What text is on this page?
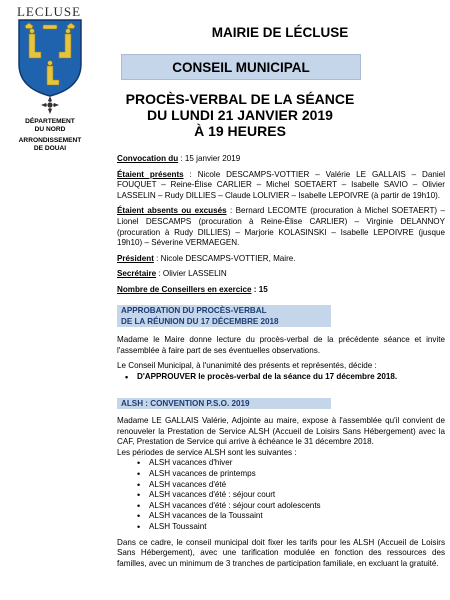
LECLUSE
DÉPARTEMENT
DU NORD
ARRONDISSEMENT
DE DOUAI
MAIRIE DE LÉCLUSE
CONSEIL MUNICIPAL
PROCÈS-VERBAL DE LA SÉANCE
DU LUNDI 21 JANVIER 2019
À 19 HEURES
Convocation du : 15 janvier 2019
Étaient présents : Nicole DESCAMPS-VOTTIER – Valérie LE GALLAIS – Daniel FOUQUET – Reine-Élise CARLIER – Michel SOETAERT – Isabelle SAVIO – Olivier LASSELIN – Rudy DILLIES – Claude LOLIVIER – Isabelle LEPOIVRE (à partir de 19h10).
Étaient absents ou excusés : Bernard LECOMTE (procuration à Michel SOETAERT) – Lionel DESCAMPS (procuration à Reine-Élise CARLIER) – Virginie DELANNOY (procuration à Rudy DILLIES) – Marjorie KOLASINSKI – Isabelle LEPOIVRE (jusque 19h10) – Séverine VERMAEGEN.
Président : Nicole DESCAMPS-VOTTIER, Maire.
Secrétaire : Olivier LASSELIN
Nombre de Conseillers en exercice : 15
APPROBATION DU PROCÈS-VERBAL
DE LA RÉUNION DU 17 DÉCEMBRE 2018
Madame le Maire donne lecture du procès-verbal de la précédente séance et invite l'assemblée à faire part de ses éventuelles observations.
Le Conseil Municipal, à l'unanimité des présents et représentés, décide :
• D'APPROUVER le procès-verbal de la séance du 17 décembre 2018.
ALSH : CONVENTION P.S.O. 2019
Madame LE GALLAIS Valérie, Adjointe au maire, expose à l'assemblée qu'il convient de renouveler la Prestation de Service ALSH (Accueil de Loisirs Sans Hébergement) avec la CAF, Prestation de Service qui arrive à échéance le 31 décembre 2018.
Les périodes de service ALSH sont les suivantes :
• ALSH vacances d'hiver
• ALSH vacances de printemps
• ALSH vacances d'été
• ALSH vacances d'été : séjour court
• ALSH vacances d'été : séjour court adolescents
• ALSH vacances de la Toussaint
• ALSH Toussaint
Dans ce cadre, le conseil municipal doit fixer les tarifs pour les ALSH (Accueil de Loisirs Sans Hébergement), avec une tarification modulée en fonction des ressources des familles, avec un minimum de 3 tranches de participation familiale, en excluant la gratuité.
